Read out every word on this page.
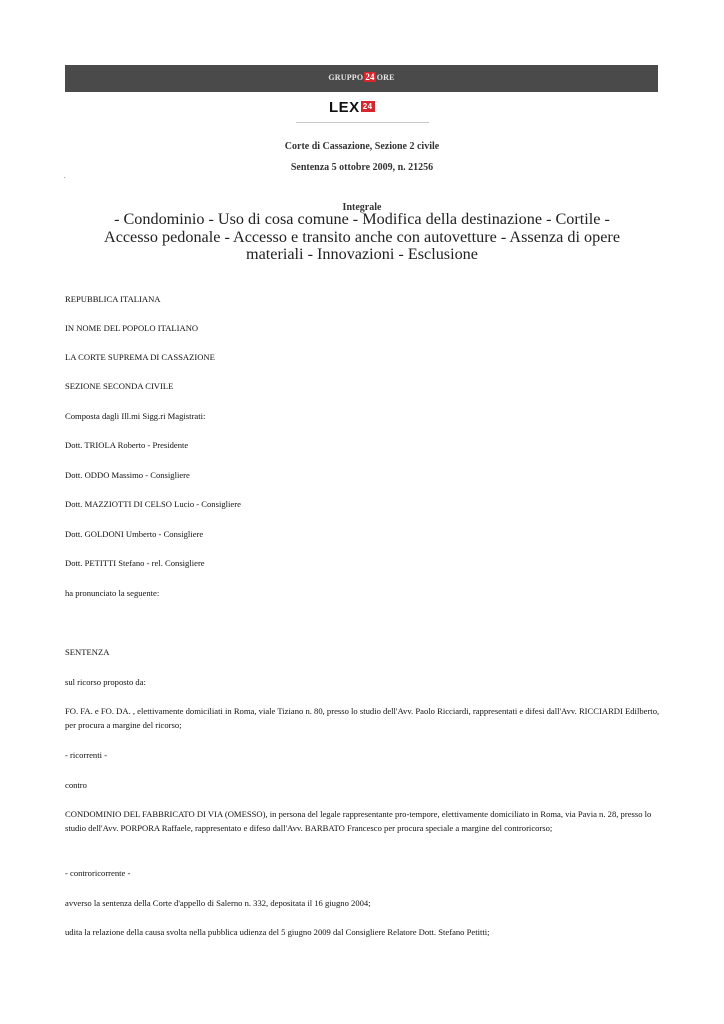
GRUPPO 24 ORE
LEX 24
Corte di Cassazione, Sezione 2 civile
Sentenza 5 ottobre 2009, n. 21256
.
Integrale
- Condominio - Uso di cosa comune - Modifica della destinazione - Cortile - Accesso pedonale - Accesso e transito anche con autovetture - Assenza di opere materiali - Innovazioni - Esclusione
REPUBBLICA ITALIANA
IN NOME DEL POPOLO ITALIANO
LA CORTE SUPREMA DI CASSAZIONE
SEZIONE SECONDA CIVILE
Composta dagli Ill.mi Sigg.ri Magistrati:
Dott. TRIOLA Roberto - Presidente
Dott. ODDO Massimo - Consigliere
Dott. MAZZIOTTI DI CELSO Lucio - Consigliere
Dott. GOLDONI Umberto - Consigliere
Dott. PETITTI Stefano - rel. Consigliere
ha pronunciato la seguente:
SENTENZA
sul ricorso proposto da:
FO. FA. e FO. DA. , elettivamente domiciliati in Roma, viale Tiziano n. 80, presso lo studio dell'Avv. Paolo Ricciardi, rappresentati e difesi dall'Avv. RICCIARDI Edilberto, per procura a margine del ricorso;
- ricorrenti -
contro
CONDOMINIO DEL FABBRICATO DI VIA (OMESSO), in persona del legale rappresentante pro-tempore, elettivamente domiciliato in Roma, via Pavia n. 28, presso lo studio dell'Avv. PORPORA Raffaele, rappresentato e difeso dall'Avv. BARBATO Francesco per procura speciale a margine del controricorso;
- controricorrente -
avverso la sentenza della Corte d'appello di Salerno n. 332, depositata il 16 giugno 2004;
udita la relazione della causa svolta nella pubblica udienza del 5 giugno 2009 dal Consigliere Relatore Dott. Stefano Petitti;
